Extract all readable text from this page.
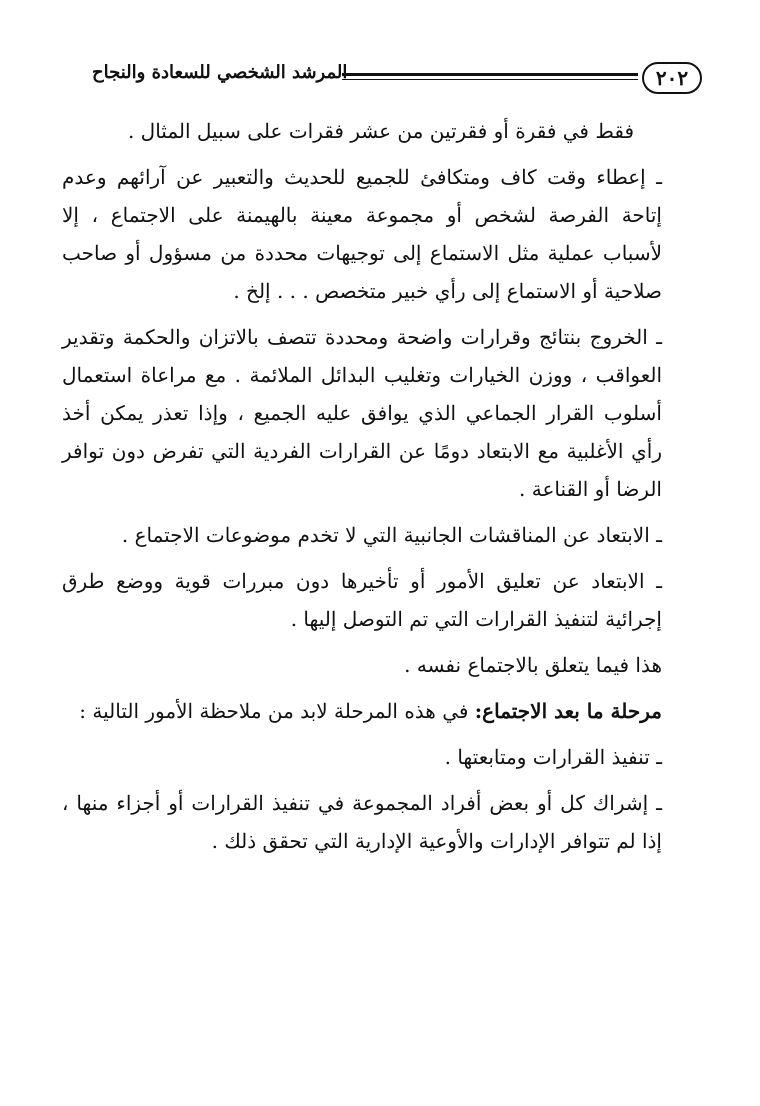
٢٠٢
المرشد الشخصي للسعادة والنجاح

فقط في فقرة أو فقرتين من عشر فقرات على سبيل المثال .

ـ إعطاء وقت كاف ومتكافئ للجميع للحديث والتعبير عن آرائهم وعدم إتاحة الفرصة لشخص أو مجموعة معينة بالهيمنة على الاجتماع ، إلا لأسباب عملية مثل الاستماع إلى توجيهات محددة من مسؤول أو صاحب صلاحية أو الاستماع إلى رأي خبير متخصص . . . إلخ .

ـ الخروج بنتائج وقرارات واضحة ومحددة تتصف بالاتزان والحكمة وتقدير العواقب ، ووزن الخيارات وتغليب البدائل الملائمة . مع مراعاة استعمال أسلوب القرار الجماعي الذي يوافق عليه الجميع ، وإذا تعذر يمكن أخذ رأي الأغلبية مع الابتعاد دومًا عن القرارات الفردية التي تفرض دون توافر الرضا أو القناعة .

ـ الابتعاد عن المناقشات الجانبية التي لا تخدم موضوعات الاجتماع .

ـ الابتعاد عن تعليق الأمور أو تأخيرها دون مبررات قوية ووضع طرق إجرائية لتنفيذ القرارات التي تم التوصل إليها .

هذا فيما يتعلق بالاجتماع نفسه .

مرحلة ما بعد الاجتماع: في هذه المرحلة لابد من ملاحظة الأمور التالية :

ـ تنفيذ القرارات ومتابعتها .

ـ إشراك كل أو بعض أفراد المجموعة في تنفيذ القرارات أو أجزاء منها ، إذا لم تتوافر الإدارات والأوعية الإدارية التي تحقق ذلك .
